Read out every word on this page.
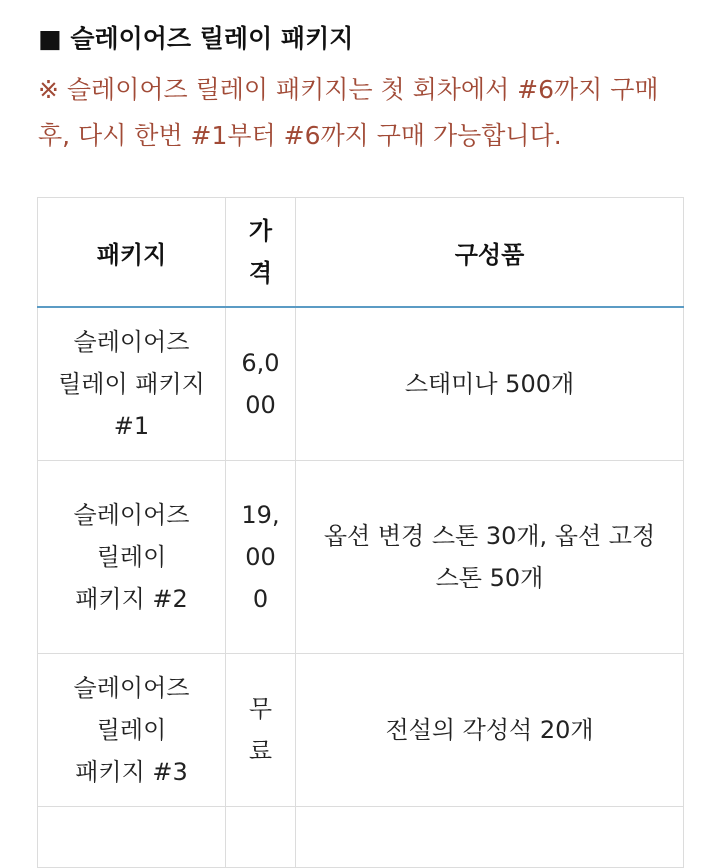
■ 슬레이어즈 릴레이 패키지
※ 슬레이어즈 릴레이 패키지는 첫 회차에서 #6까지 구매
후, 다시 한번 #1부터 #6까지 구매 가능합니다.
패키지	가격	구성품
슬레이어즈 릴레이 패키지 #1	6,000	스태미나 500개
슬레이어즈 릴레이 패키지 #2	19,000	옵션 변경 스톤 30개, 옵션 고정 스톤 50개
슬레이어즈 릴레이 패키지 #3	무료	전설의 각성석 20개
